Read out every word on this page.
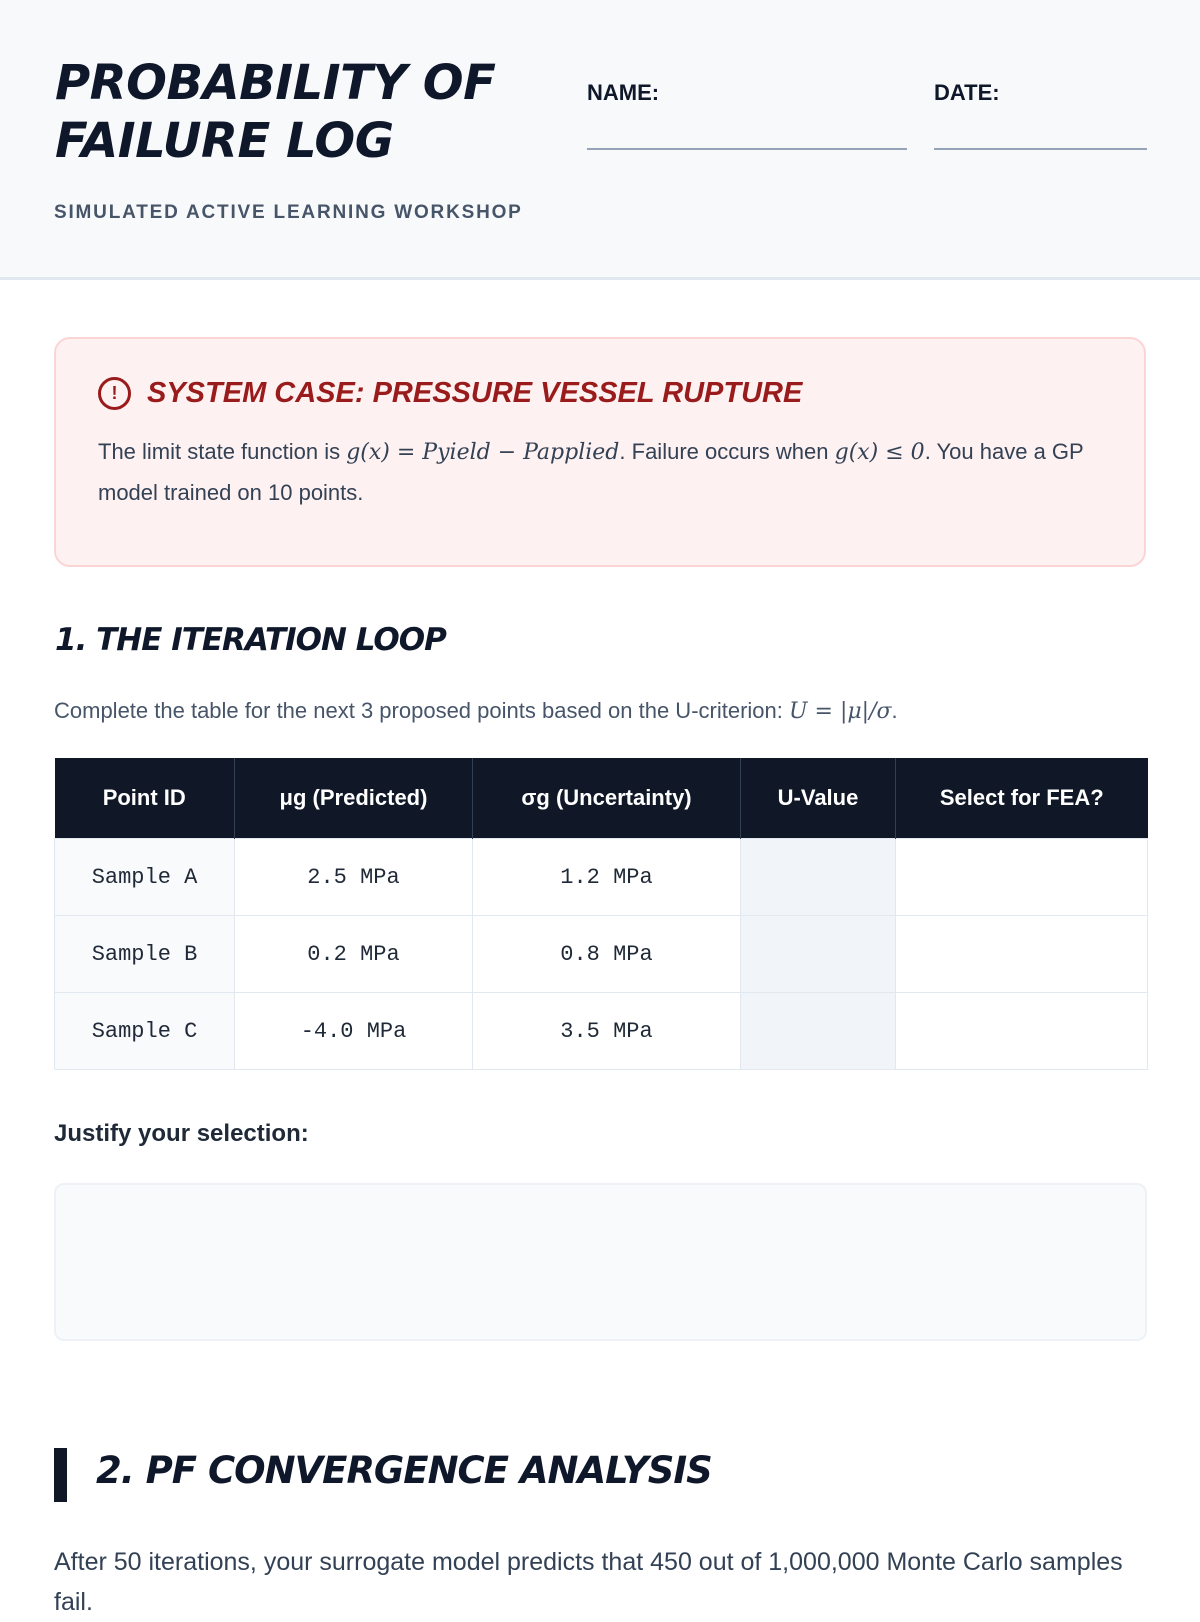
PROBABILITY OF FAILURE LOG
SIMULATED ACTIVE LEARNING WORKSHOP
NAME:	DATE:
!	SYSTEM CASE: PRESSURE VESSEL RUPTURE
The limit state function is g(x) = Pyield − Papplied. Failure occurs when g(x) ≤ 0. You have a GP model trained on 10 points.
1. THE ITERATION LOOP
Complete the table for the next 3 proposed points based on the U-criterion: U = |μ|/σ.
Point ID	μg (Predicted)	σg (Uncertainty)	U-Value	Select for FEA?
Sample A	2.5 MPa	1.2 MPa		
Sample B	0.2 MPa	0.8 MPa		
Sample C	-4.0 MPa	3.5 MPa		
Justify your selection:
2. PF CONVERGENCE ANALYSIS
After 50 iterations, your surrogate model predicts that 450 out of 1,000,000 Monte Carlo samples fail.
